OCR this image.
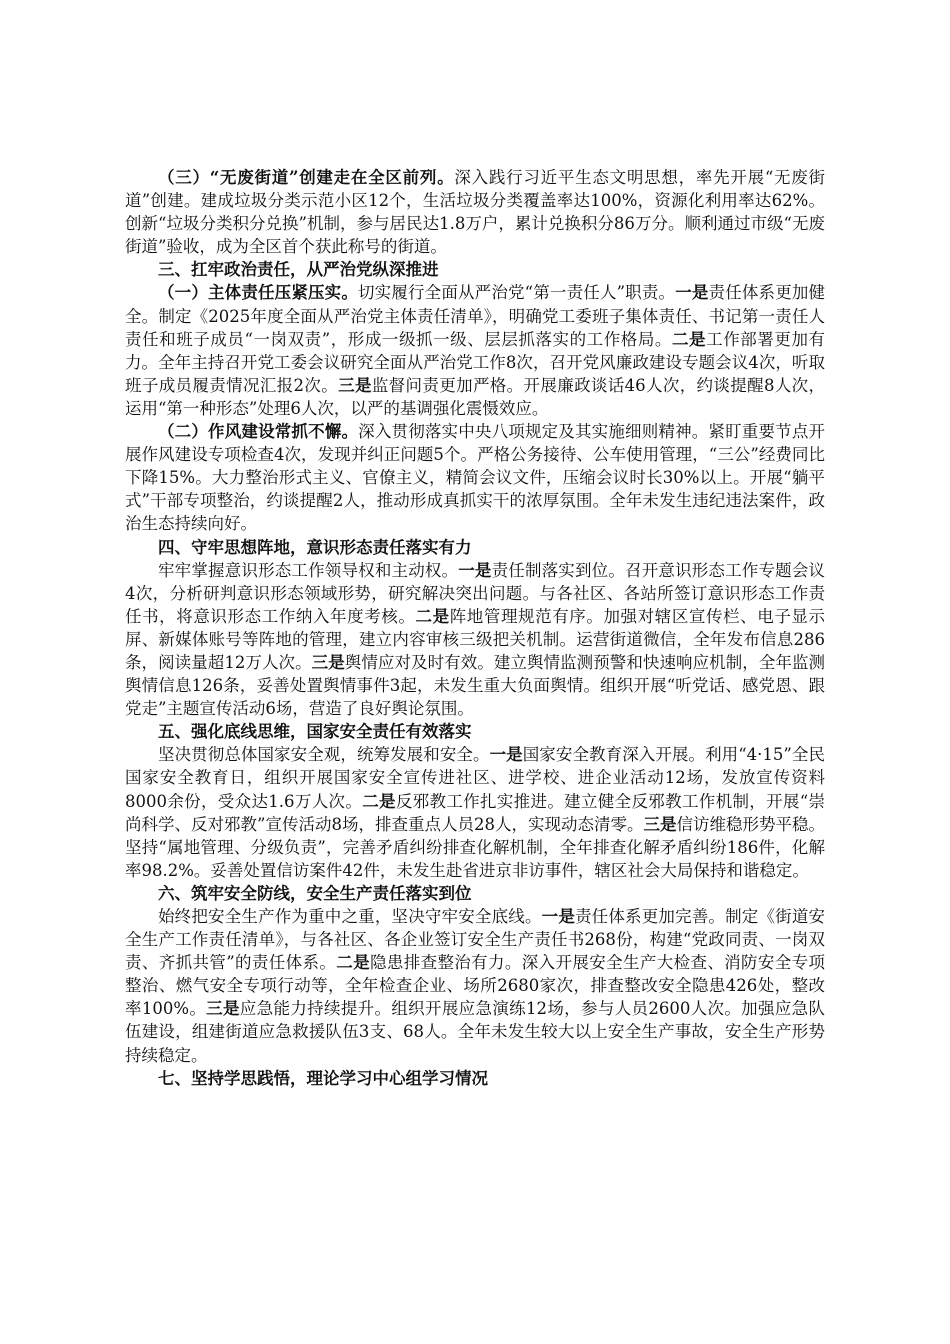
（三）“无废街道”创建走在全区前列。深入践行习近平生态文明思想，率先开展“无废街道”创建。建成垃圾分类示范小区12个，生活垃圾分类覆盖率达100%，资源化利用率达62%。创新“垃圾分类积分兑换”机制，参与居民达1.8万户，累计兑换积分86万分。顺利通过市级“无废街道”验收，成为全区首个获此称号的街道。

三、扛牢政治责任，从严治党纵深推进

（一）主体责任压紧压实。切实履行全面从严治党“第一责任人”职责。一是责任体系更加健全。制定《2025年度全面从严治党主体责任清单》，明确党工委班子集体责任、书记第一责任人责任和班子成员“一岗双责”，形成一级抓一级、层层抓落实的工作格局。二是工作部署更加有力。全年主持召开党工委会议研究全面从严治党工作8次，召开党风廉政建设专题会议4次，听取班子成员履责情况汇报2次。三是监督问责更加严格。开展廉政谈话46人次，约谈提醒8人次，运用“第一种形态”处理6人次，以严的基调强化震慑效应。

（二）作风建设常抓不懈。深入贯彻落实中央八项规定及其实施细则精神。紧盯重要节点开展作风建设专项检查4次，发现并纠正问题5个。严格公务接待、公车使用管理，“三公”经费同比下降15%。大力整治形式主义、官僚主义，精简会议文件，压缩会议时长30%以上。开展“躺平式”干部专项整治，约谈提醒2人，推动形成真抓实干的浓厚氛围。全年未发生违纪违法案件，政治生态持续向好。

四、守牢思想阵地，意识形态责任落实有力

牢牢掌握意识形态工作领导权和主动权。一是责任制落实到位。召开意识形态工作专题会议4次，分析研判意识形态领域形势，研究解决突出问题。与各社区、各站所签订意识形态工作责任书，将意识形态工作纳入年度考核。二是阵地管理规范有序。加强对辖区宣传栏、电子显示屏、新媒体账号等阵地的管理，建立内容审核三级把关机制。运营街道微信，全年发布信息286条，阅读量超12万人次。三是舆情应对及时有效。建立舆情监测预警和快速响应机制，全年监测舆情信息126条，妥善处置舆情事件3起，未发生重大负面舆情。组织开展“听党话、感党恩、跟党走”主题宣传活动6场，营造了良好舆论氛围。

五、强化底线思维，国家安全责任有效落实

坚决贯彻总体国家安全观，统筹发展和安全。一是国家安全教育深入开展。利用“4·15”全民国家安全教育日，组织开展国家安全宣传进社区、进学校、进企业活动12场，发放宣传资料8000余份，受众达1.6万人次。二是反邪教工作扎实推进。建立健全反邪教工作机制，开展“崇尚科学、反对邪教”宣传活动8场，排查重点人员28人，实现动态清零。三是信访维稳形势平稳。坚持“属地管理、分级负责”，完善矛盾纠纷排查化解机制，全年排查化解矛盾纠纷186件，化解率98.2%。妥善处置信访案件42件，未发生赴省进京非访事件，辖区社会大局保持和谐稳定。

六、筑牢安全防线，安全生产责任落实到位

始终把安全生产作为重中之重，坚决守牢安全底线。一是责任体系更加完善。制定《街道安全生产工作责任清单》，与各社区、各企业签订安全生产责任书268份，构建“党政同责、一岗双责、齐抓共管”的责任体系。二是隐患排查整治有力。深入开展安全生产大检查、消防安全专项整治、燃气安全专项行动等，全年检查企业、场所2680家次，排查整改安全隐患426处，整改率100%。三是应急能力持续提升。组织开展应急演练12场，参与人员2600人次。加强应急队伍建设，组建街道应急救援队伍3支、68人。全年未发生较大以上安全生产事故，安全生产形势持续稳定。

七、坚持学思践悟，理论学习中心组学习情况
